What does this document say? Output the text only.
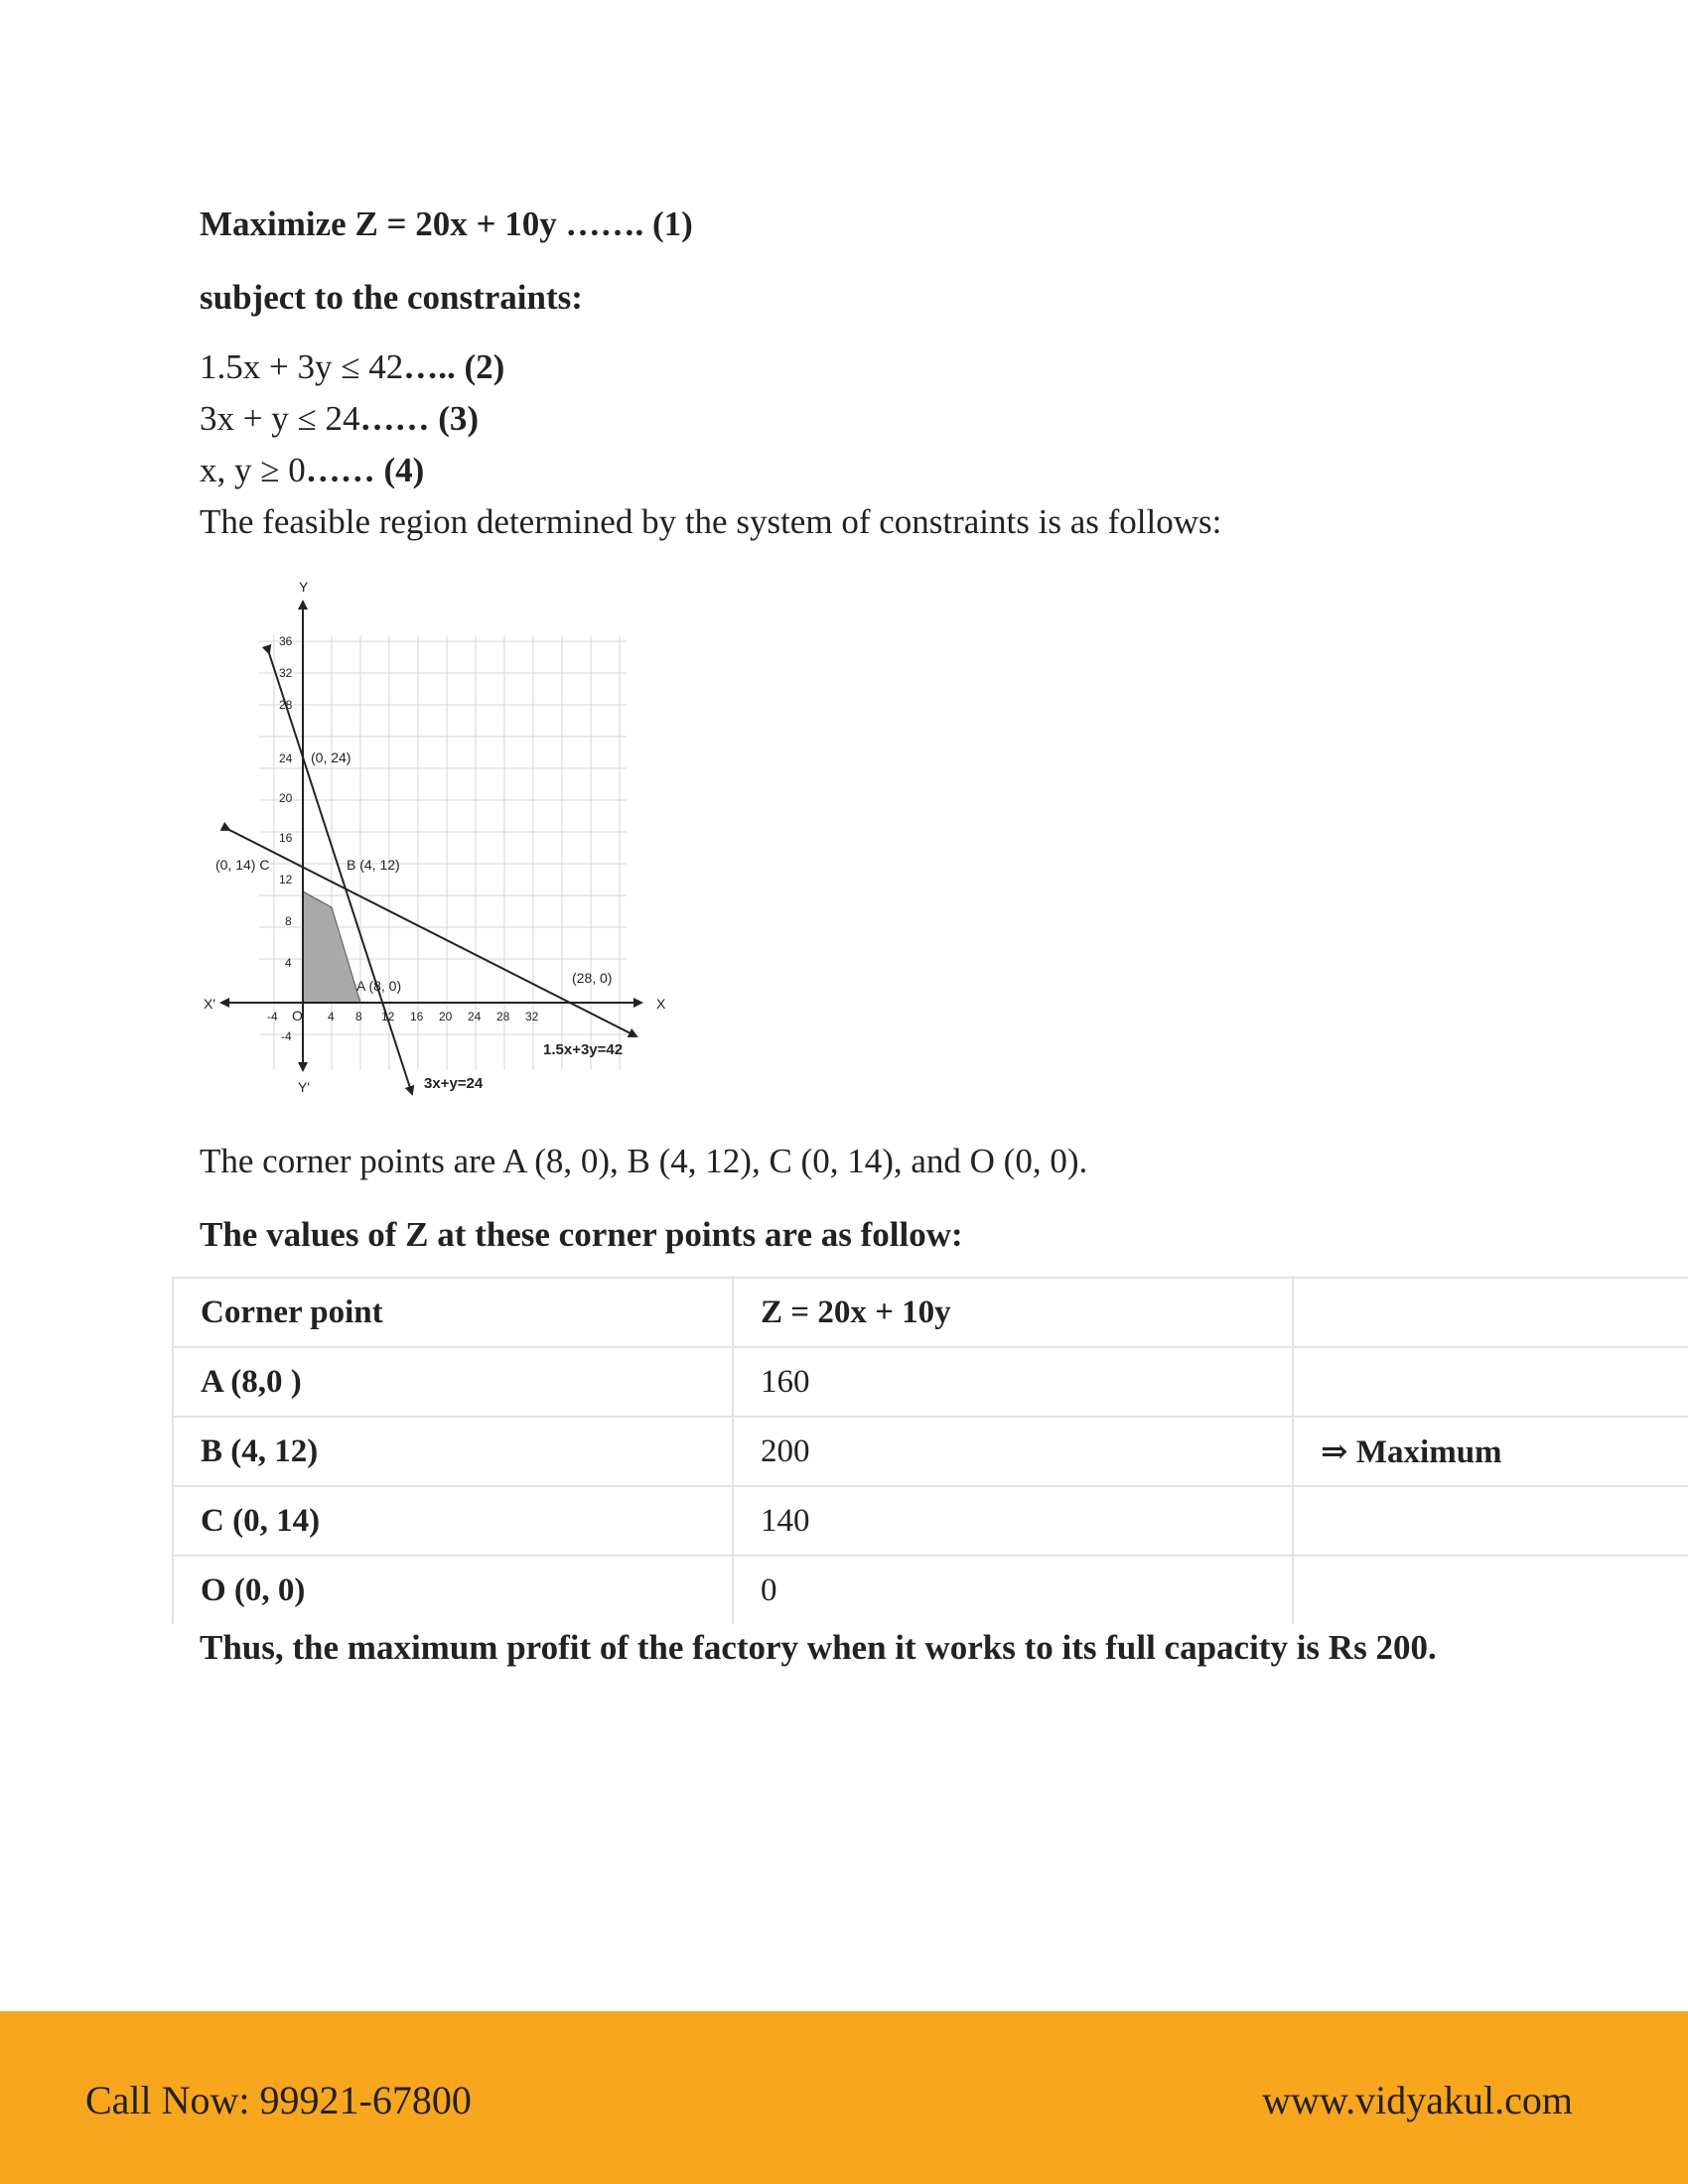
Maximize Z = 20x + 10y ……. (1)
subject to the constraints:
1.5x + 3y ≤ 42….. (2)
3x + y ≤ 24…… (3)
x, y ≥ 0…… (4)
The feasible region determined by the system of constraints is as follows:
Y
Y'
X
X'
O
(0, 24)
(0, 14) C	B (4, 12)
A (8, 0)	(28, 0)
1.5x+3y=42
3x+y=24
-4	4 8 12 16 20 24 28 32
36
32
28
24
20
16
12
8
4
-4
The corner points are A (8, 0), B (4, 12), C (0, 14), and O (0, 0).
The values of Z at these corner points are as follow:
Corner point	Z = 20x + 10y	
A (8,0 )	160	
B (4, 12)	200	⇒ Maximum
C (0, 14)	140	
O (0, 0)	0	
Thus, the maximum profit of the factory when it works to its full capacity is Rs 200.
Call Now: 99921-67800	www.vidyakul.com
